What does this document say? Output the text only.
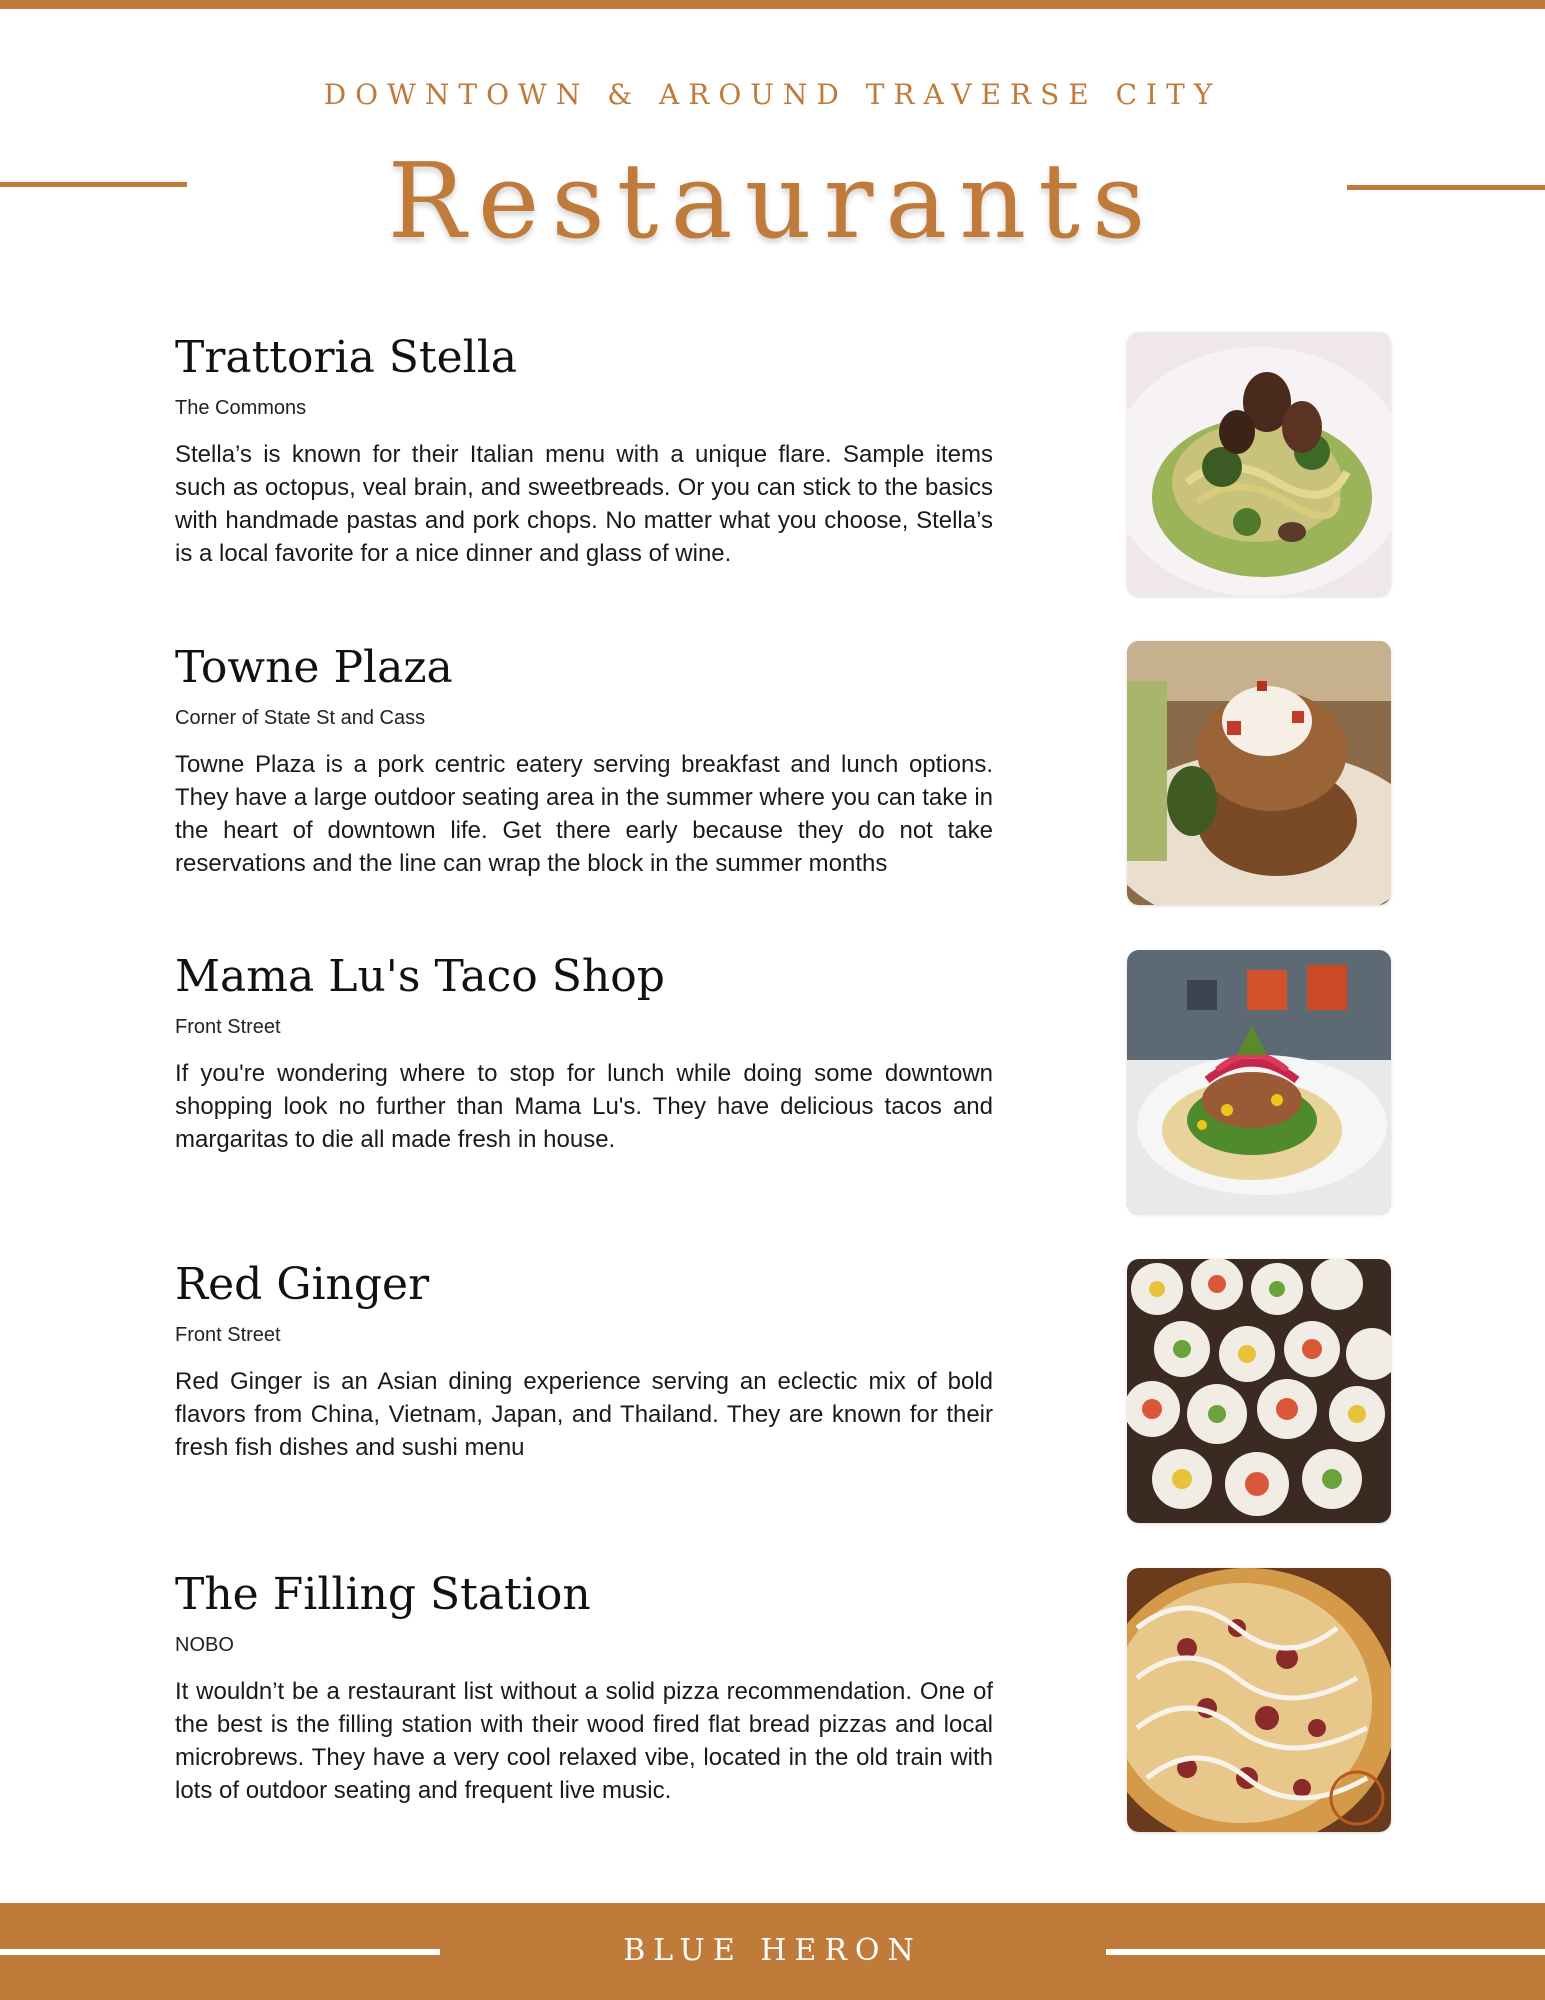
DOWNTOWN & AROUND TRAVERSE CITY
Restaurants
Trattoria Stella
The Commons

Stella’s is known for their Italian menu with a unique flare. Sample items such as octopus, veal brain, and sweetbreads. Or you can stick to the basics with handmade pastas and pork chops. No matter what you choose, Stella’s is a local favorite for a nice dinner and glass of wine.

Towne Plaza
Corner of State St and Cass

Towne Plaza is a pork centric eatery serving breakfast and lunch options. They have a large outdoor seating area in the summer where you can take in the heart of downtown life. Get there early because they do not take reservations and the line can wrap the block in the summer months

Mama Lu's Taco Shop
Front Street

If you're wondering where to stop for lunch while doing some downtown shopping look no further than Mama Lu's. They have delicious tacos and margaritas to die all made fresh in house.

Red Ginger
Front Street

Red Ginger is an Asian dining experience serving an eclectic mix of bold flavors from China, Vietnam, Japan, and Thailand. They are known for their fresh fish dishes and sushi menu

The Filling Station
NOBO

It wouldn’t be a restaurant list without a solid pizza recommendation. One of the best is the filling station with their wood fired flat bread pizzas and local microbrews. They have a very cool relaxed vibe, located in the old train with lots of outdoor seating and frequent live music.

BLUE HERON
